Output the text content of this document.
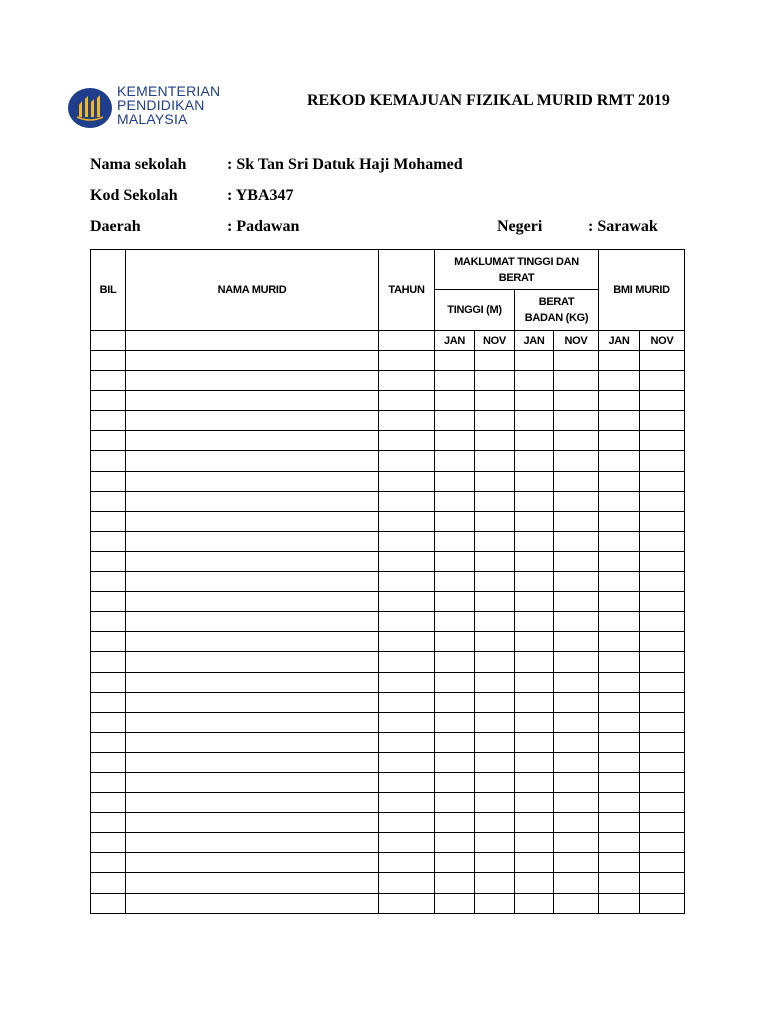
KEMENTERIAN
PENDIDIKAN
MALAYSIA
REKOD KEMAJUAN FIZIKAL MURID RMT 2019
Nama sekolah	: Sk Tan Sri Datuk Haji Mohamed
Kod Sekolah	: YBA347
Daerah	: Padawan	Negeri	: Sarawak
BIL	NAMA MURID	TAHUN	MAKLUMAT TINGGI DAN BERAT				BMI MURID	
			TINGGI (M)		BERAT BADAN (KG)			
			JAN	NOV	JAN	NOV	JAN	NOV
